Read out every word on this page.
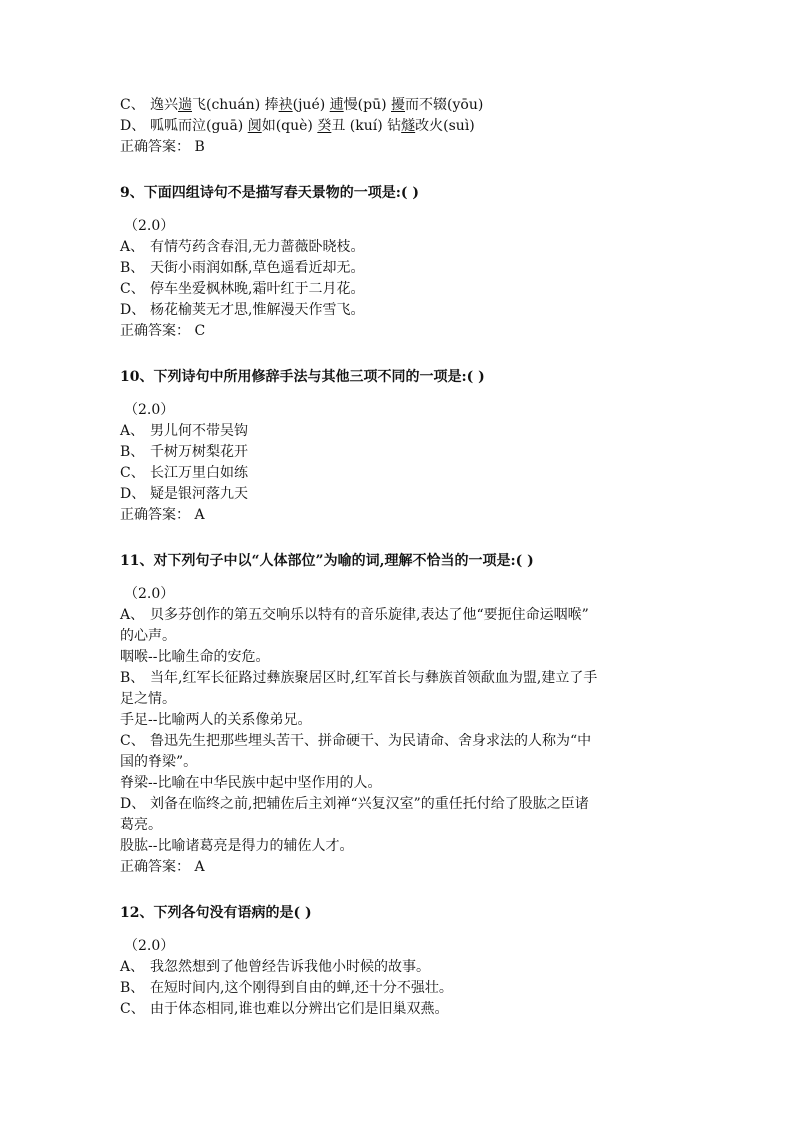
C、 逸兴遄飞(chuán) 捧袂(jué) 逋慢(pū) 擾而不辍(yōu)
D、 呱呱而泣(guā) 阒如(què) 癸丑 (kuí) 钻燧改火(suì)
正确答案： B
9、下面四组诗句不是描写春天景物的一项是:( )
（2.0）
A、 有情芍药含春泪,无力蔷薇卧晓枝。
B、 天街小雨润如酥,草色遥看近却无。
C、 停车坐爱枫林晚,霜叶红于二月花。
D、 杨花榆荚无才思,惟解漫天作雪飞。
正确答案： C
10、下列诗句中所用修辞手法与其他三项不同的一项是:( )
（2.0）
A、 男儿何不带吴钩
B、 千树万树梨花开
C、 长江万里白如练
D、 疑是银河落九天
正确答案： A
11、对下列句子中以“人体部位”为喻的词,理解不恰当的一项是:( )
（2.0）
A、 贝多芬创作的第五交响乐以特有的音乐旋律,表达了他“要扼住命运咽喉”
的心声。
咽喉--比喻生命的安危。
B、 当年,红军长征路过彝族聚居区时,红军首长与彝族首领歃血为盟,建立了手
足之情。
手足--比喻两人的关系像弟兄。
C、 鲁迅先生把那些埋头苦干、拼命硬干、为民请命、舍身求法的人称为“中
国的脊梁”。
脊梁--比喻在中华民族中起中坚作用的人。
D、 刘备在临终之前,把辅佐后主刘禅“兴复汉室”的重任托付给了股肱之臣诸
葛亮。
股肱--比喻诸葛亮是得力的辅佐人才。
正确答案： A
12、下列各句没有语病的是( )
（2.0）
A、 我忽然想到了他曾经告诉我他小时候的故事。
B、 在短时间内,这个刚得到自由的蝉,还十分不强壮。
C、 由于体态相同,谁也难以分辨出它们是旧巢双燕。
